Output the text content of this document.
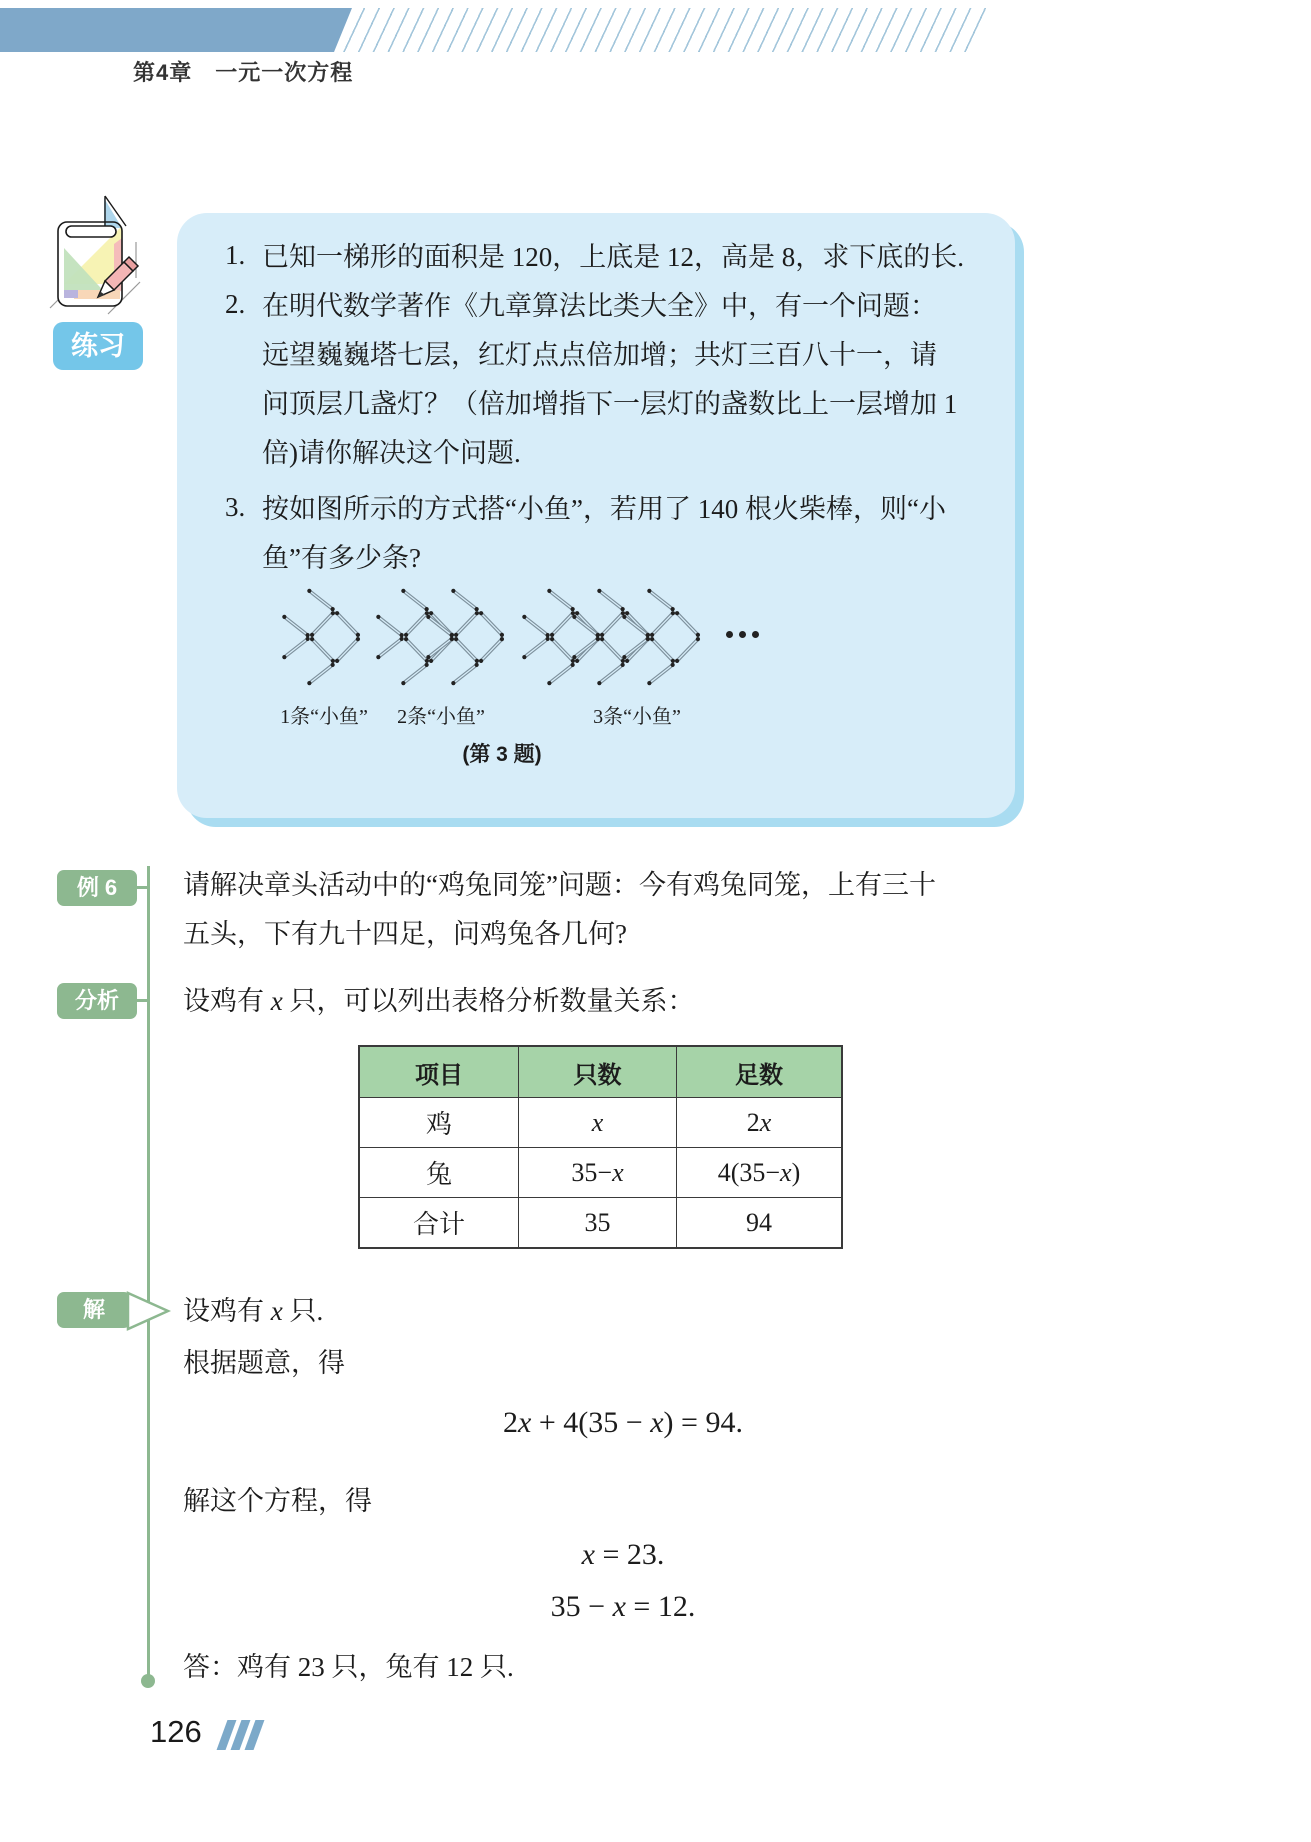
第4章　一元一次方程
练习
1. 已知一梯形的面积是 120，上底是 12，高是 8，求下底的长.
2. 在明代数学著作《九章算法比类大全》中，有一个问题：
远望巍巍塔七层，红灯点点倍加增；共灯三百八十一，请
问顶层几盏灯？（倍加增指下一层灯的盏数比上一层增加 1
倍)请你解决这个问题.
3. 按如图所示的方式搭“小鱼”，若用了 140 根火柴棒，则“小
鱼”有多少条?
1条“小鱼”	2条“小鱼”	3条“小鱼”
(第 3 题)
例 6	请解决章头活动中的“鸡兔同笼”问题：今有鸡兔同笼，上有三十
五头，下有九十四足，问鸡兔各几何?
分析	设鸡有 x 只，可以列出表格分析数量关系：
项目	只数	足数
鸡	x	2x
兔	35−x	4(35−x)
合计	35	94
解	设鸡有 x 只.
根据题意，得
2x + 4(35 − x) = 94.
解这个方程，得
x = 23.
35 − x = 12.
答：鸡有 23 只，兔有 12 只.
126
